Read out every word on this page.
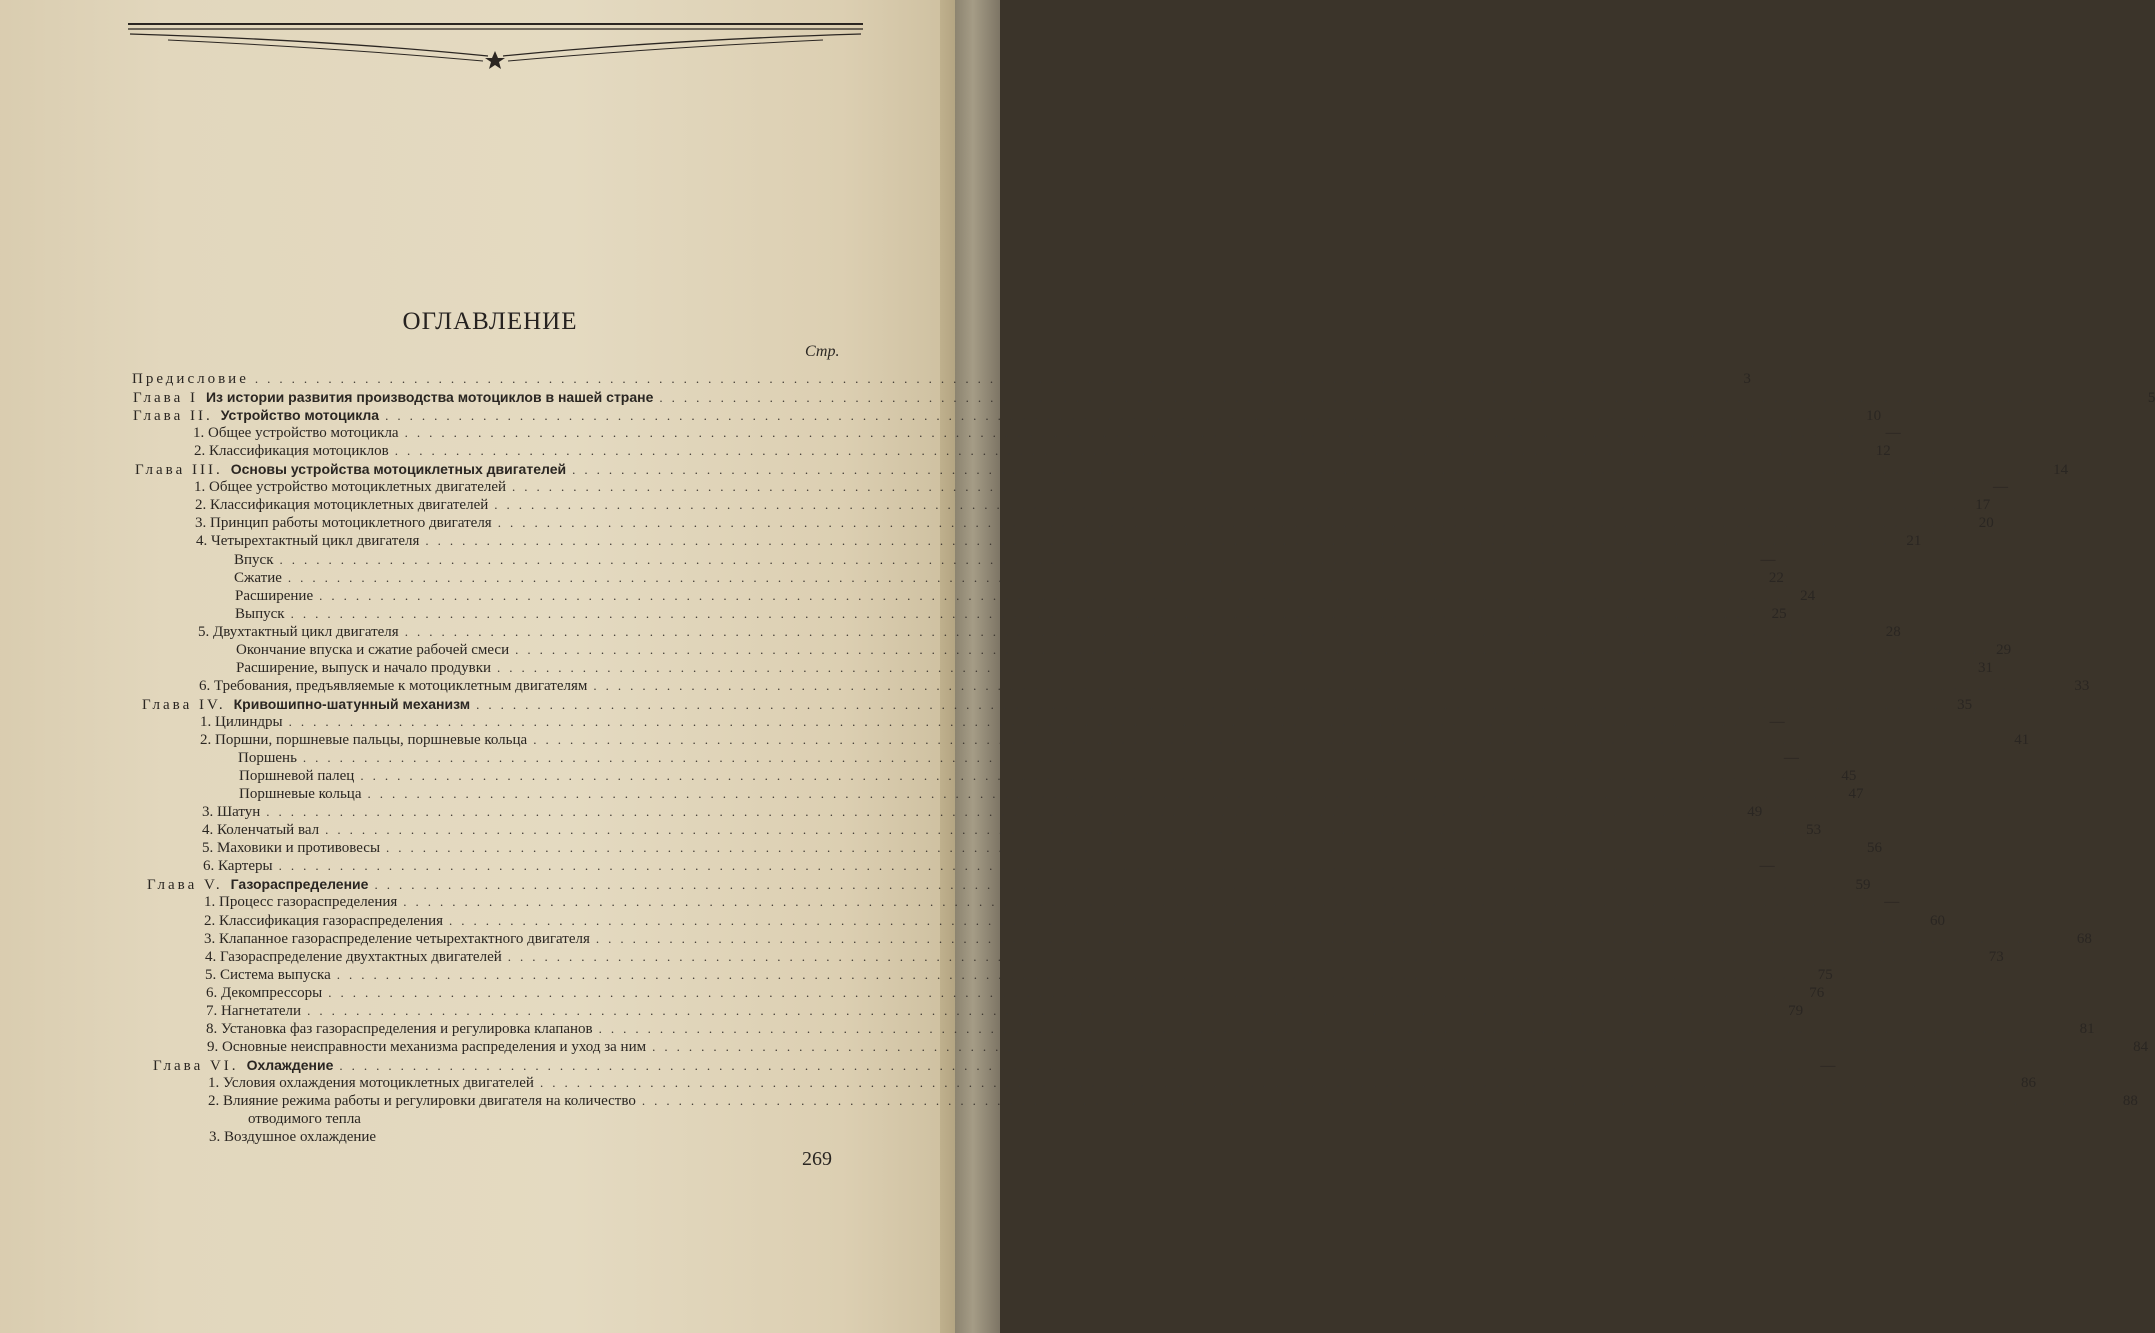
ОГЛАВЛЕНИЕ
Стр.
Предисловие ........................................................................................................................	3
Глава I Из истории развития производства мотоциклов в нашей стране ........................................................................................................................	5
Глава II. Устройство мотоцикла ........................................................................................................................ 10
1. Общее устройство мотоцикла ........................................................................................................................ —
2. Классификация мотоциклов ........................................................................................................................ 12
Глава III. Основы устройства мотоциклетных двигателей ........................................................................................................................ 14
1. Общее устройство мотоциклетных двигателей ........................................................................................................................ —
2. Классификация мотоциклетных двигателей ........................................................................................................................ 17
3. Принцип работы мотоциклетного двигателя ........................................................................................................................ 20
4. Четырехтактный цикл двигателя ........................................................................................................................ 21
Впуск ........................................................................................................................ —
Сжатие ........................................................................................................................ 22
Расширение ........................................................................................................................ 24
Выпуск ........................................................................................................................ 25
5. Двухтактный цикл двигателя ........................................................................................................................ 28
Окончание впуска и сжатие рабочей смеси ........................................................................................................................ 29
Расширение, выпуск и начало продувки ........................................................................................................................ 31
6. Требования, предъявляемые к мотоциклетным двигателям ........................................................................................................................ 33
Глава IV. Кривошипно-шатунный механизм ........................................................................................................................ 35
1. Цилиндры ........................................................................................................................ —
2. Поршни, поршневые пальцы, поршневые кольца ........................................................................................................................ 41
Поршень ........................................................................................................................ —
Поршневой палец ........................................................................................................................ 45
Поршневые кольца ........................................................................................................................ 47
3. Шатун ........................................................................................................................ 49
4. Коленчатый вал ........................................................................................................................ 53
5. Маховики и противовесы ........................................................................................................................ 56
6. Картеры ........................................................................................................................ —
Глава V. Газораспределение ........................................................................................................................ 59
1. Процесс газораспределения ........................................................................................................................ —
2. Классификация газораспределения ........................................................................................................................ 60
3. Клапанное газораспределение четырехтактного двигателя ........................................................................................................................ 68
4. Газораспределение двухтактных двигателей ........................................................................................................................ 73
5. Система выпуска ........................................................................................................................ 75
6. Декомпрессоры ........................................................................................................................ 76
7. Нагнетатели ........................................................................................................................ 79
8. Установка фаз газораспределения и регулировка клапанов ........................................................................................................................ 81
9. Основные неисправности механизма распределения и уход за ним ........................................................................................................................ 84
Глава VI. Охлаждение ........................................................................................................................ —
1. Условия охлаждения мотоциклетных двигателей ........................................................................................................................ 86
2. Влияние режима работы и регулировки двигателя на количество ........................................................................................................................ 88
отводимого тепла
3. Воздушное охлаждение
269
